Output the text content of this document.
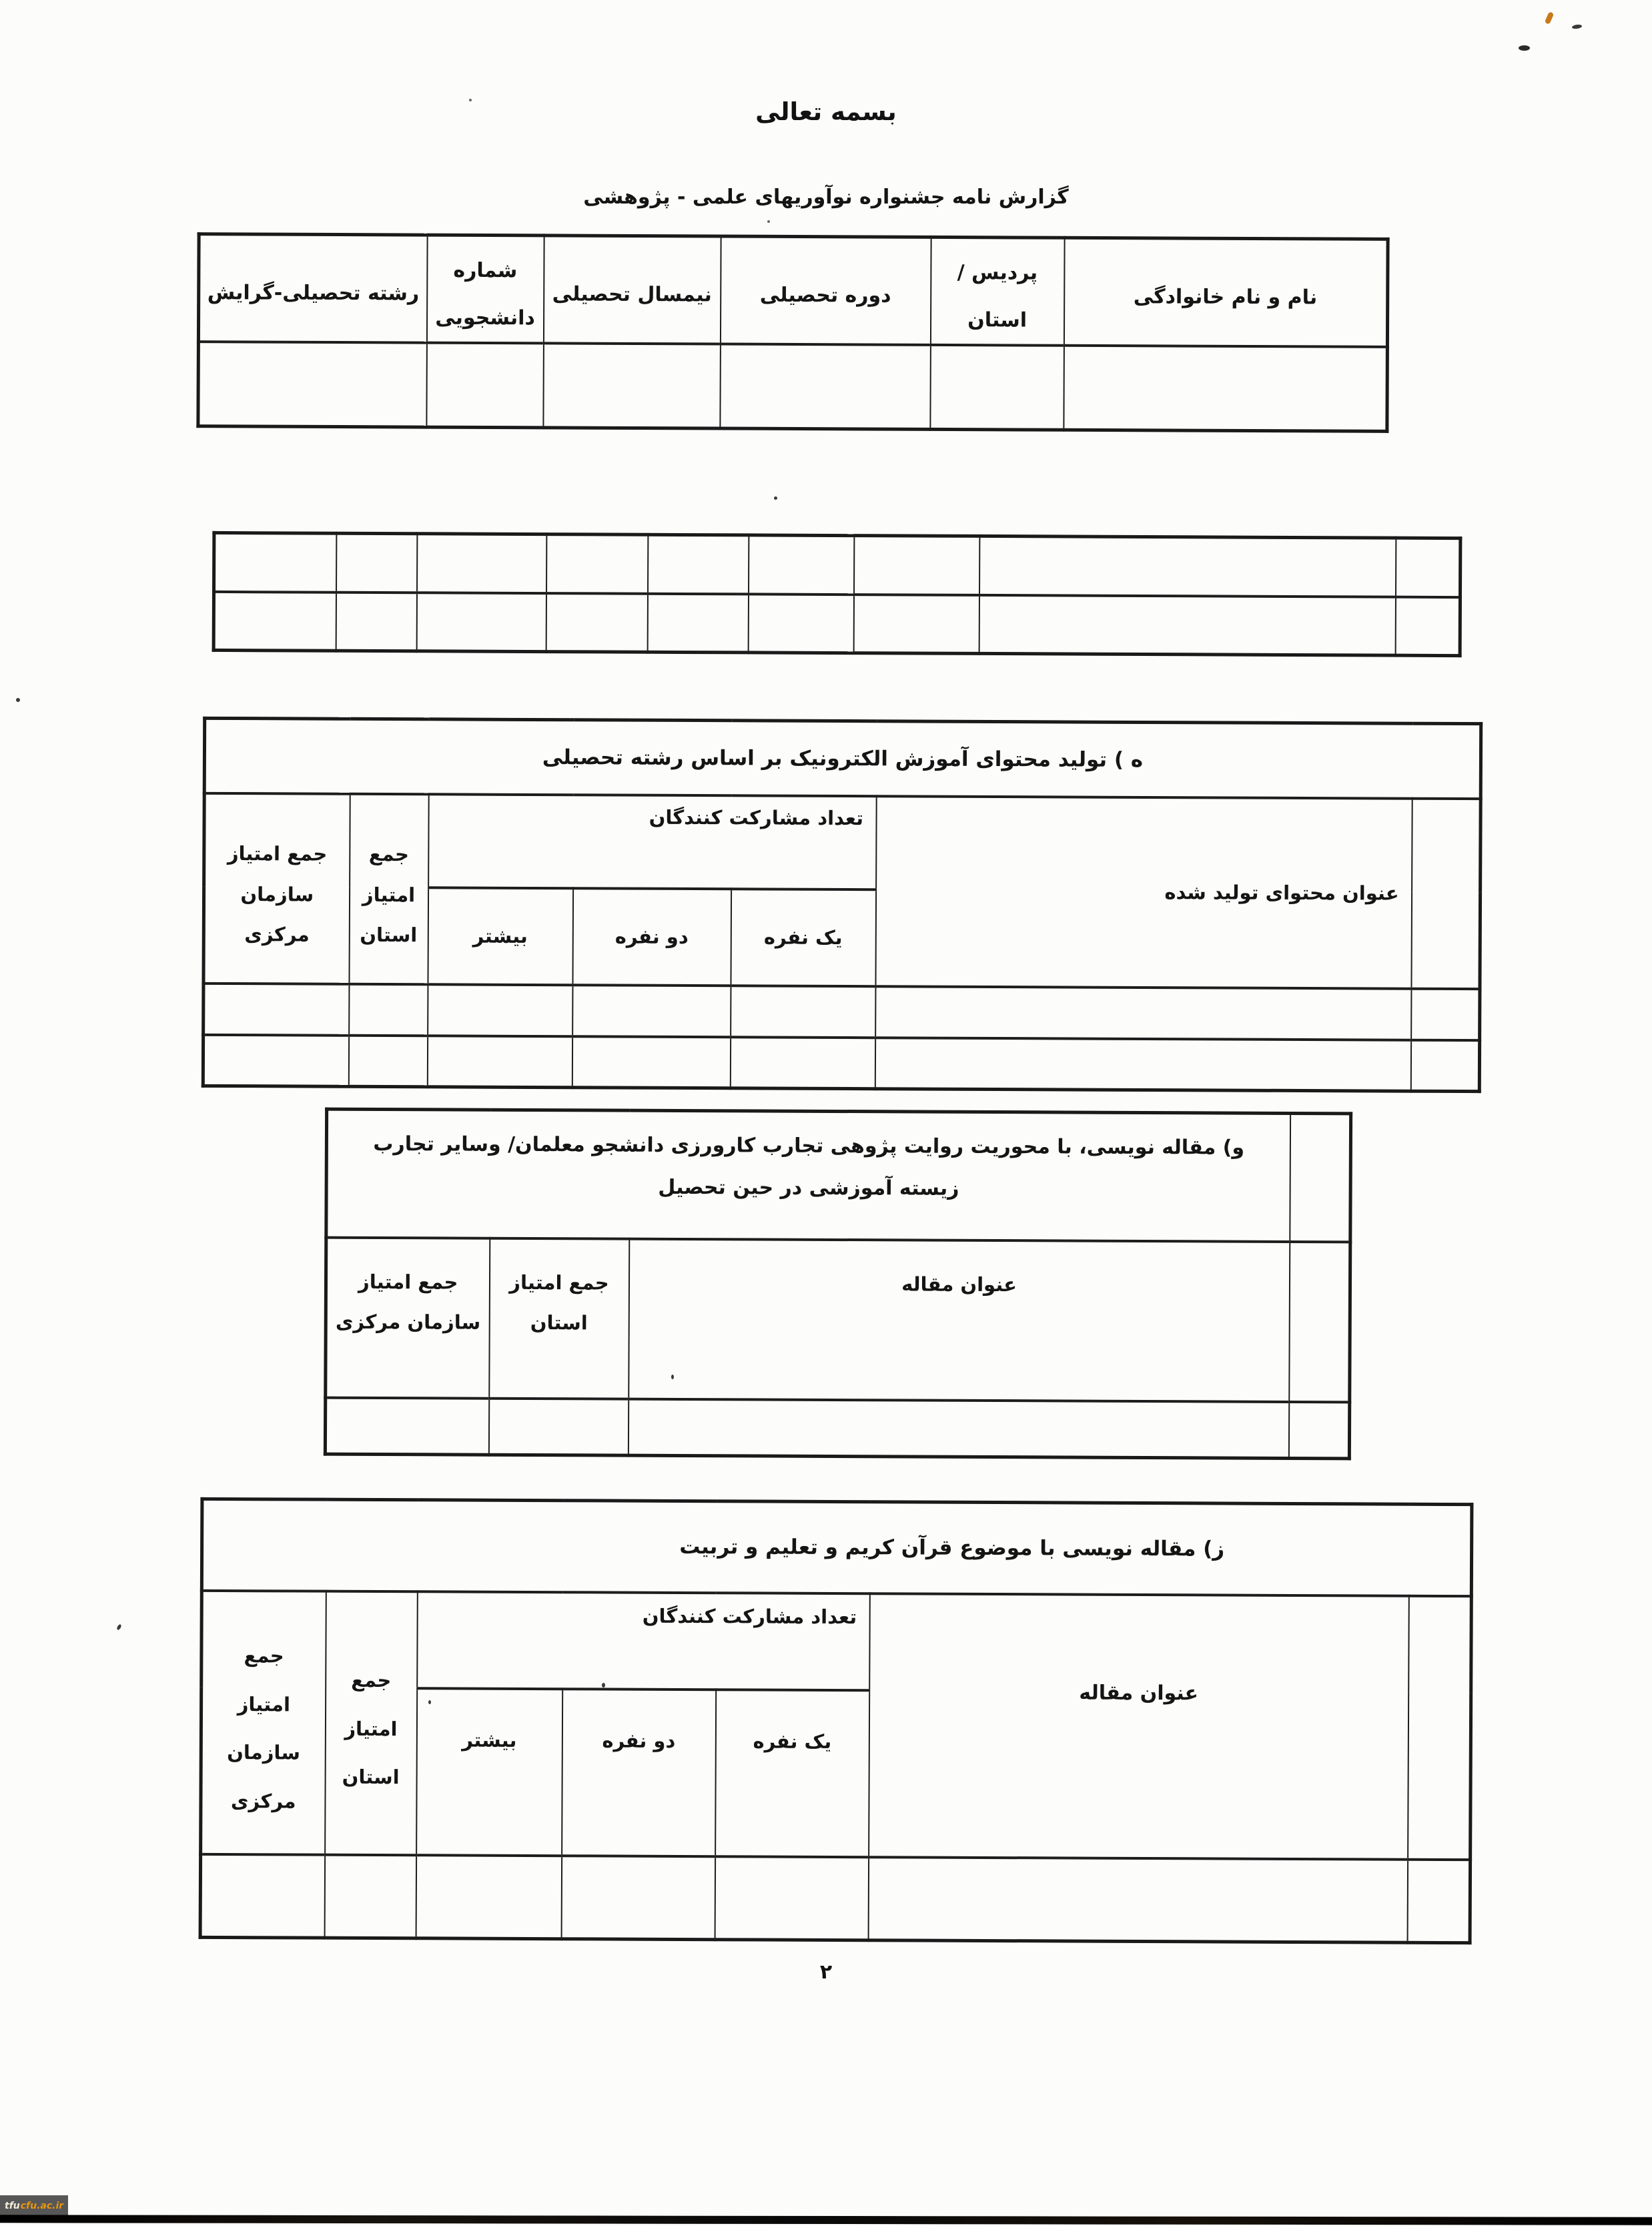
بسمه تعالی
گزارش نامه جشنواره نوآوریهای علمی - پژوهشی
نام و نام خانوادگی	پردیس / استان	دوره تحصیلی	نیمسال تحصیلی	شماره دانشجویی	رشته تحصیلی-گرایش

ه ) تولید محتوای آموزش الکترونیک بر اساس رشته تحصیلی						
	عنوان محتوای تولید شده	تعداد مشارکت کنندگان			جمع امتیاز استان	جمع امتیاز سازمان مرکزی
		یک نفره	دو نفره	بیشتر		

	و) مقاله نویسی، با محوریت روایت پژوهی تجارب کارورزی دانشجو معلمان/ وسایر تجارب زیسته آموزشی در حین تحصیل		
	عنوان مقاله	جمع امتیاز استان	جمع امتیاز سازمان مرکزی

ز) مقاله نویسی با موضوع قرآن کریم و تعلیم و تربیت						
	عنوان مقاله	تعداد مشارکت کنندگان			جمع امتیاز استان	جمع امتیاز سازمان مرکزی
		یک نفره	دو نفره	بیشتر		

۲
tfu cfu.ac.ir
